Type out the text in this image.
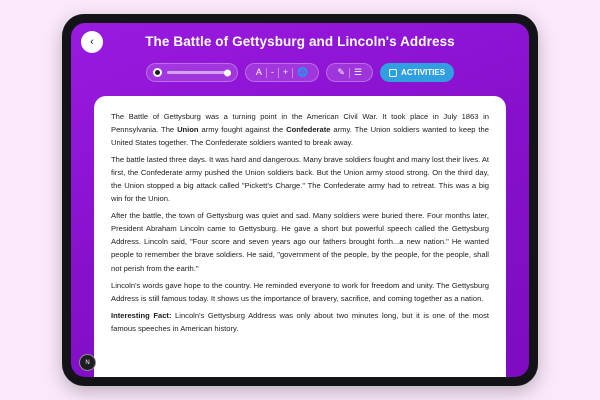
‹	The Battle of Gettysburg and Lincoln's Address
A	-	+	🌐	✎	☰	ACTIVITIES

The Battle of Gettysburg was a turning point in the American Civil War. It took place in July 1863 in Pennsylvania. The Union army fought against the Confederate army. The Union soldiers wanted to keep the United States together. The Confederate soldiers wanted to break away.

The battle lasted three days. It was hard and dangerous. Many brave soldiers fought and many lost their lives. At first, the Confederate army pushed the Union soldiers back. But the Union army stood strong. On the third day, the Union stopped a big attack called "Pickett's Charge." The Confederate army had to retreat. This was a big win for the Union.

After the battle, the town of Gettysburg was quiet and sad. Many soldiers were buried there. Four months later, President Abraham Lincoln came to Gettysburg. He gave a short but powerful speech called the Gettysburg Address. Lincoln said, "Four score and seven years ago our fathers brought forth...a new nation." He wanted people to remember the brave soldiers. He said, "government of the people, by the people, for the people, shall not perish from the earth."

Lincoln's words gave hope to the country. He reminded everyone to work for freedom and unity. The Gettysburg Address is still famous today. It shows us the importance of bravery, sacrifice, and coming together as a nation.

Interesting Fact: Lincoln's Gettysburg Address was only about two minutes long, but it is one of the most famous speeches in American history.

N
